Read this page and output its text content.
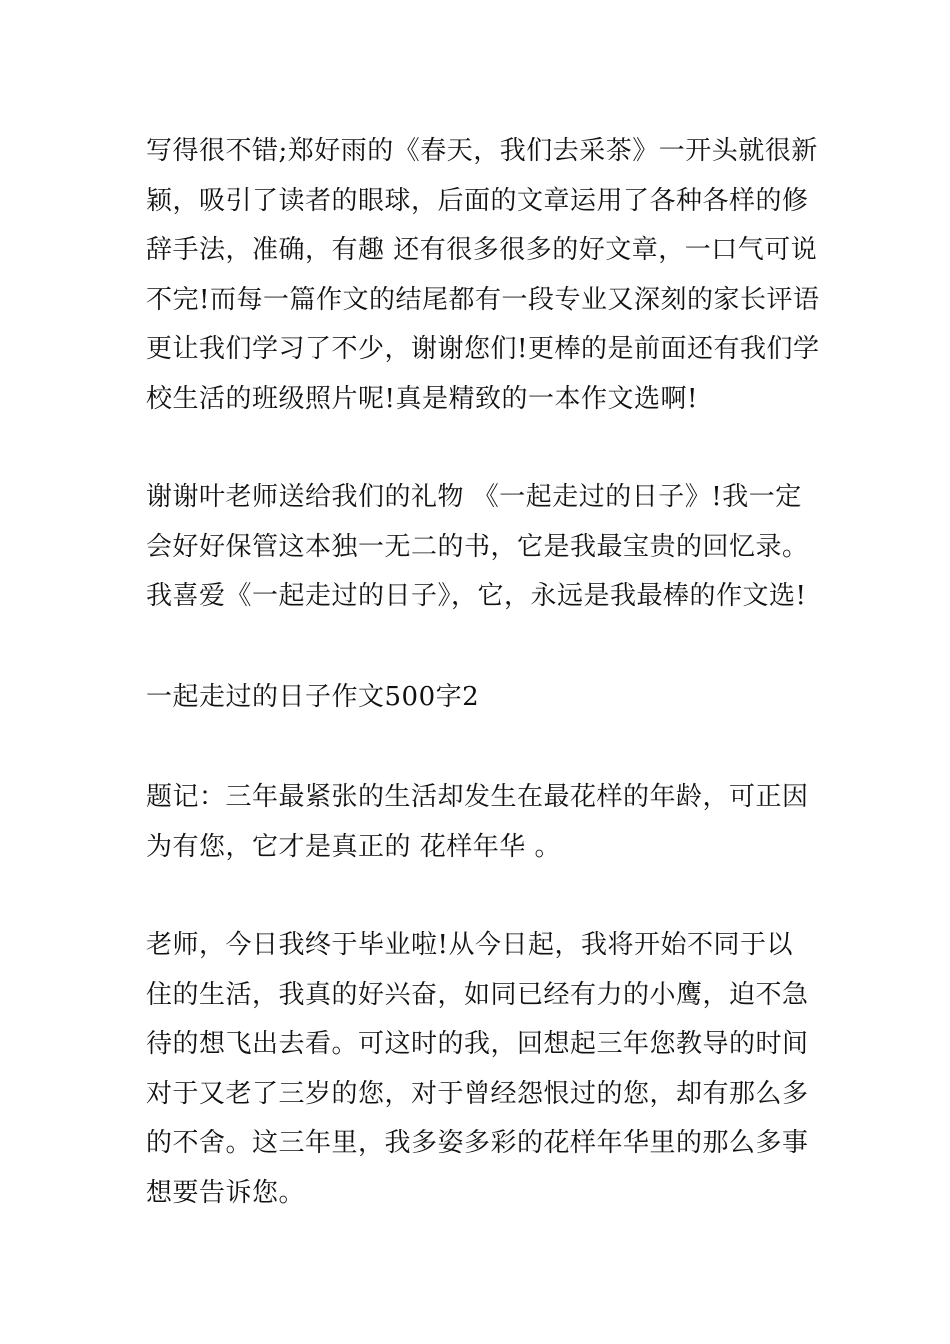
写得很不错;郑好雨的《春天，我们去采茶》一开头就很新
颖，吸引了读者的眼球，后面的文章运用了各种各样的修
辞手法，准确，有趣 还有很多很多的好文章，一口气可说
不完!而每一篇作文的结尾都有一段专业又深刻的家长评语
更让我们学习了不少，谢谢您们!更棒的是前面还有我们学
校生活的班级照片呢!真是精致的一本作文选啊!
谢谢叶老师送给我们的礼物 《一起走过的日子》!我一定
会好好保管这本独一无二的书，它是我最宝贵的回忆录。
我喜爱《一起走过的日子》，它，永远是我最棒的作文选!
一起走过的日子作文500字2
题记：三年最紧张的生活却发生在最花样的年龄，可正因
为有您，它才是真正的 花样年华 。
老师，今日我终于毕业啦!从今日起，我将开始不同于以
住的生活，我真的好兴奋，如同已经有力的小鹰，迫不急
待的想飞出去看。可这时的我，回想起三年您教导的时间
对于又老了三岁的您，对于曾经怨恨过的您，却有那么多
的不舍。这三年里，我多姿多彩的花样年华里的那么多事
想要告诉您。
